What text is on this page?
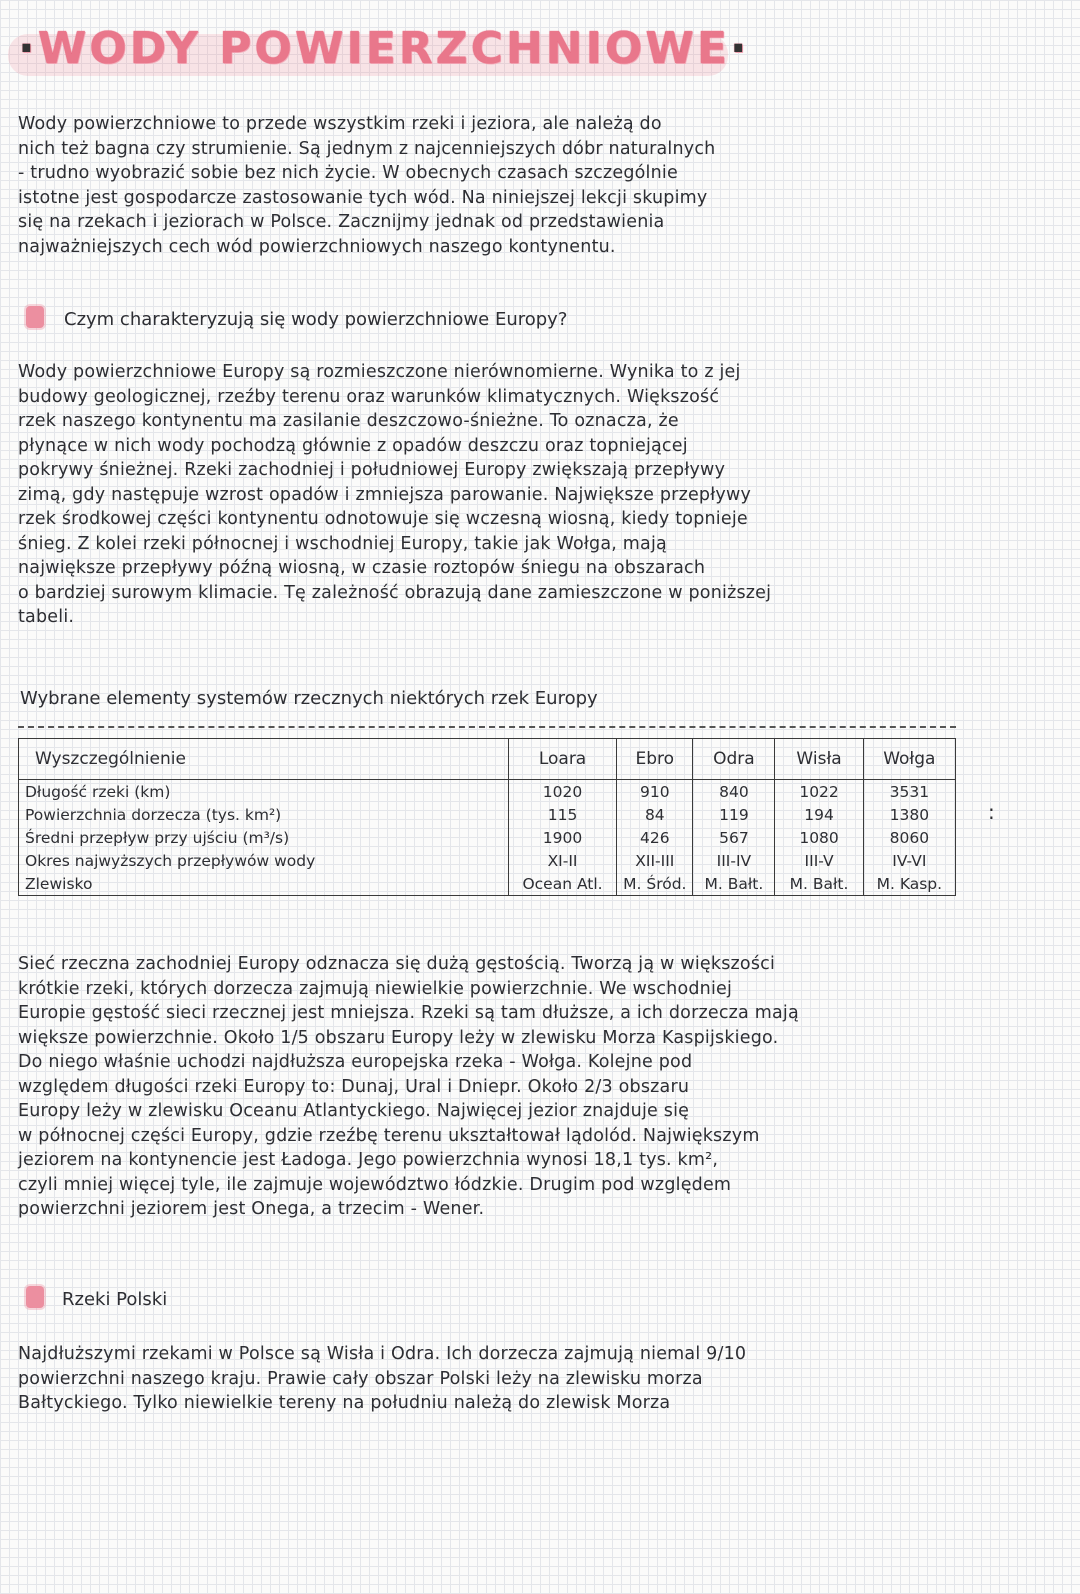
·WODY POWIERZCHNIOWE·
Wody powierzchniowe to przede wszystkim rzeki i jeziora, ale należą do
nich też bagna czy strumienie. Są jednym z najcenniejszych dóbr naturalnych
- trudno wyobrazić sobie bez nich życie. W obecnych czasach szczególnie
istotne jest gospodarcze zastosowanie tych wód. Na niniejszej lekcji skupimy
się na rzekach i jeziorach w Polsce. Zacznijmy jednak od przedstawienia
najważniejszych cech wód powierzchniowych naszego kontynentu.
Czym charakteryzują się wody powierzchniowe Europy?
Wody powierzchniowe Europy są rozmieszczone nierównomierne. Wynika to z jej
budowy geologicznej, rzeźby terenu oraz warunków klimatycznych. Większość
rzek naszego kontynentu ma zasilanie deszczowo-śnieżne. To oznacza, że
płynące w nich wody pochodzą głównie z opadów deszczu oraz topniejącej
pokrywy śnieżnej. Rzeki zachodniej i południowej Europy zwiększają przepływy
zimą, gdy następuje wzrost opadów i zmniejsza parowanie. Największe przepływy
rzek środkowej części kontynentu odnotowuje się wczesną wiosną, kiedy topnieje
śnieg. Z kolei rzeki północnej i wschodniej Europy, takie jak Wołga, mają
największe przepływy późną wiosną, w czasie roztopów śniegu na obszarach
o bardziej surowym klimacie. Tę zależność obrazują dane zamieszczone w poniższej
tabeli.
Wybrane elementy systemów rzecznych niektórych rzek Europy
Wyszczególnienie	Loara	Ebro	Odra	Wisła	Wołga
Długość rzeki (km)	1020	910	840	1022	3531
Powierzchnia dorzecza (tys. km²)	115	84	119	194	1380
Średni przepływ przy ujściu (m³/s)	1900	426	567	1080	8060
Okres najwyższych przepływów wody	XI-II	XII-III	III-IV	III-V	IV-VI
Zlewisko	Ocean Atl.	M. Śród.	M. Bałt.	M. Bałt.	M. Kasp.
:
Sieć rzeczna zachodniej Europy odznacza się dużą gęstością. Tworzą ją w większości
krótkie rzeki, których dorzecza zajmują niewielkie powierzchnie. We wschodniej
Europie gęstość sieci rzecznej jest mniejsza. Rzeki są tam dłuższe, a ich dorzecza mają
większe powierzchnie. Około 1/5 obszaru Europy leży w zlewisku Morza Kaspijskiego.
Do niego właśnie uchodzi najdłuższa europejska rzeka - Wołga. Kolejne pod
względem długości rzeki Europy to: Dunaj, Ural i Dniepr. Około 2/3 obszaru
Europy leży w zlewisku Oceanu Atlantyckiego. Najwięcej jezior znajduje się
w północnej części Europy, gdzie rzeźbę terenu ukształtował lądolód. Największym
jeziorem na kontynencie jest Ładoga. Jego powierzchnia wynosi 18,1 tys. km²,
czyli mniej więcej tyle, ile zajmuje województwo łódzkie. Drugim pod względem
powierzchni jeziorem jest Onega, a trzecim - Wener.
Rzeki Polski
Najdłuższymi rzekami w Polsce są Wisła i Odra. Ich dorzecza zajmują niemal 9/10
powierzchni naszego kraju. Prawie cały obszar Polski leży na zlewisku morza
Bałtyckiego. Tylko niewielkie tereny na południu należą do zlewisk Morza
